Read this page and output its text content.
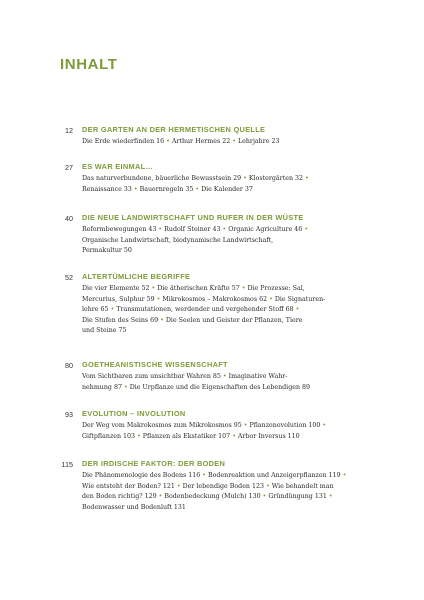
INHALT
12 DER GARTEN AN DER HERMETISCHEN QUELLE
Die Erde wiederfinden 16 • Arthur Hermes 22 • Lehrjahre 23
27 ES WAR EINMAL…
Das naturverbundene, bäuerliche Bewusstsein 29 • Klostergärten 32 •
Renaissance 33 • Bauernregeln 35 • Die Kalender 37
40 DIE NEUE LANDWIRTSCHAFT UND RUFER IN DER WÜSTE
Reformbewegungen 43 • Rudolf Steiner 43 • Organic Agriculture 46 •
Organische Landwirtschaft, biodynamische Landwirtschaft,
Permakultur 50
52 ALTERTÜMLICHE BEGRIFFE
Die vier Elemente 52 • Die ätherischen Kräfte 57 • Die Prozesse: Sal,
Mercurius, Sulphur 59 • Mikrokosmos – Makrokosmos 62 • Die Signaturen-
lehre 65 • Transmutationen, werdender und vergehender Stoff 68 •
Die Stufen des Seins 69 • Die Seelen und Geister der Pflanzen, Tiere
und Steine 75
80 GOETHEANISTISCHE WISSENSCHAFT
Vom Sichtbaren zum unsichtbar Wahren 85 • Imaginative Wahr-
nehmung 87 • Die Urpflanze und die Eigenschaften des Lebendigen 89
93 EVOLUTION – INVOLUTION
Der Weg vom Makrokosmos zum Mikrokosmos 95 • Pflanzenevolution 100 •
Giftpflanzen 103 • Pflanzen als Ekstatiker 107 • Arbor Inversus 110
115 DER IRDISCHE FAKTOR: DER BODEN
Die Phänomenologie des Bodens 116 • Bodenreaktion und Anzeigerpflanzen 119 •
Wie entsteht der Boden? 121 • Der lebendige Boden 123 • Wie behandelt man
den Boden richtig? 129 • Bodenbedeckung (Mulch) 130 • Gründüngung 131 •
Bodenwasser und Bodenluft 131
